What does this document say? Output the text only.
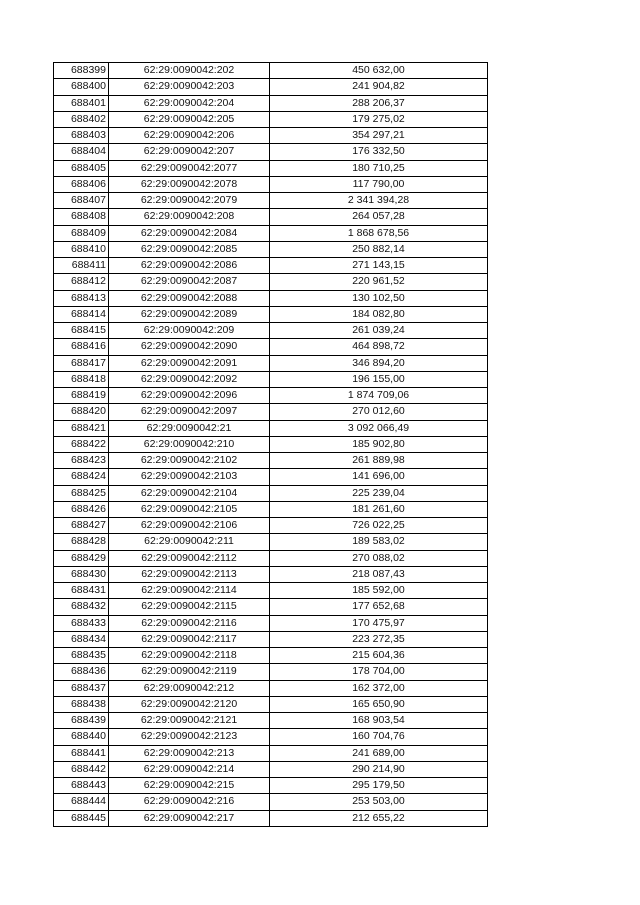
688399	62:29:0090042:202	450 632,00
688400	62:29:0090042:203	241 904,82
688401	62:29:0090042:204	288 206,37
688402	62:29:0090042:205	179 275,02
688403	62:29:0090042:206	354 297,21
688404	62:29:0090042:207	176 332,50
688405	62:29:0090042:2077	180 710,25
688406	62:29:0090042:2078	117 790,00
688407	62:29:0090042:2079	2 341 394,28
688408	62:29:0090042:208	264 057,28
688409	62:29:0090042:2084	1 868 678,56
688410	62:29:0090042:2085	250 882,14
688411	62:29:0090042:2086	271 143,15
688412	62:29:0090042:2087	220 961,52
688413	62:29:0090042:2088	130 102,50
688414	62:29:0090042:2089	184 082,80
688415	62:29:0090042:209	261 039,24
688416	62:29:0090042:2090	464 898,72
688417	62:29:0090042:2091	346 894,20
688418	62:29:0090042:2092	196 155,00
688419	62:29:0090042:2096	1 874 709,06
688420	62:29:0090042:2097	270 012,60
688421	62:29:0090042:21	3 092 066,49
688422	62:29:0090042:210	185 902,80
688423	62:29:0090042:2102	261 889,98
688424	62:29:0090042:2103	141 696,00
688425	62:29:0090042:2104	225 239,04
688426	62:29:0090042:2105	181 261,60
688427	62:29:0090042:2106	726 022,25
688428	62:29:0090042:211	189 583,02
688429	62:29:0090042:2112	270 088,02
688430	62:29:0090042:2113	218 087,43
688431	62:29:0090042:2114	185 592,00
688432	62:29:0090042:2115	177 652,68
688433	62:29:0090042:2116	170 475,97
688434	62:29:0090042:2117	223 272,35
688435	62:29:0090042:2118	215 604,36
688436	62:29:0090042:2119	178 704,00
688437	62:29:0090042:212	162 372,00
688438	62:29:0090042:2120	165 650,90
688439	62:29:0090042:2121	168 903,54
688440	62:29:0090042:2123	160 704,76
688441	62:29:0090042:213	241 689,00
688442	62:29:0090042:214	290 214,90
688443	62:29:0090042:215	295 179,50
688444	62:29:0090042:216	253 503,00
688445	62:29:0090042:217	212 655,22
